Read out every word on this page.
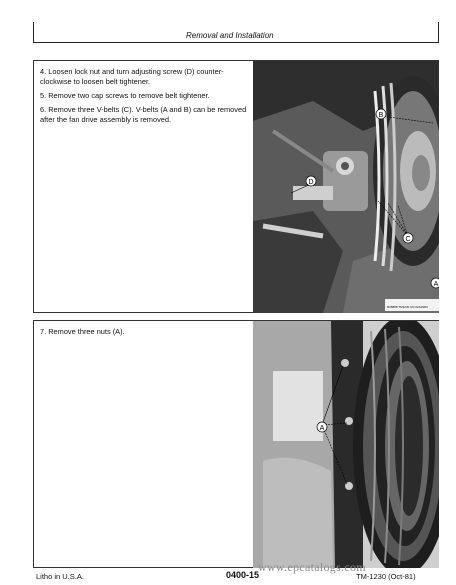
Removal and Installation

4. Loosen lock nut and turn adjusting screw (D) counter-clockwise to loosen belt tightener.

5. Remove two cap screws to remove belt tightener.

6. Remove three V-belts (C). V-belts (A and B) can be removed after the fan drive assembly is removed.	B
D
C
A
R26898 TM1230 UN 02JAN83

7. Remove three nuts (A).

A
Litho in U.S.A.	0400-15	TM-1230 (Oct-81)
www.epcatalogs.com
